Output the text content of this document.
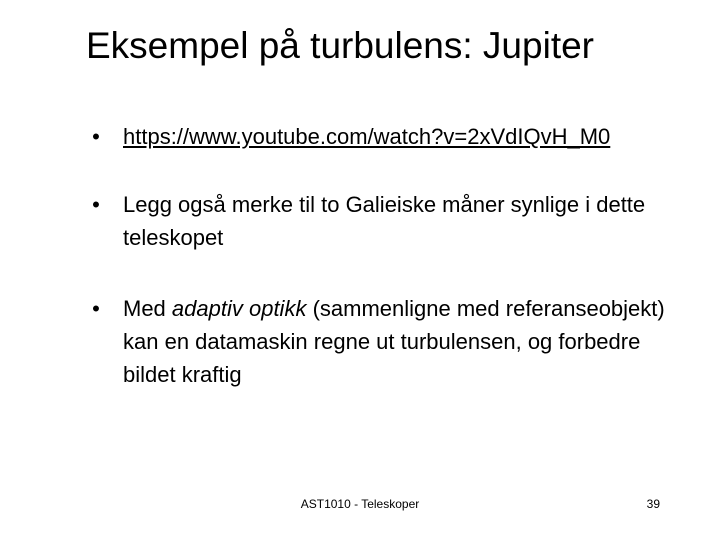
Eksempel på turbulens: Jupiter
• https://www.youtube.com/watch?v=2xVdIQvH_M0
• Legg også merke til to Galieiske måner synlige i dette teleskopet
• Med adaptiv optikk (sammenligne med referanseobjekt) kan en datamaskin regne ut turbulensen, og forbedre bildet kraftig
AST1010 - Teleskoper	39
